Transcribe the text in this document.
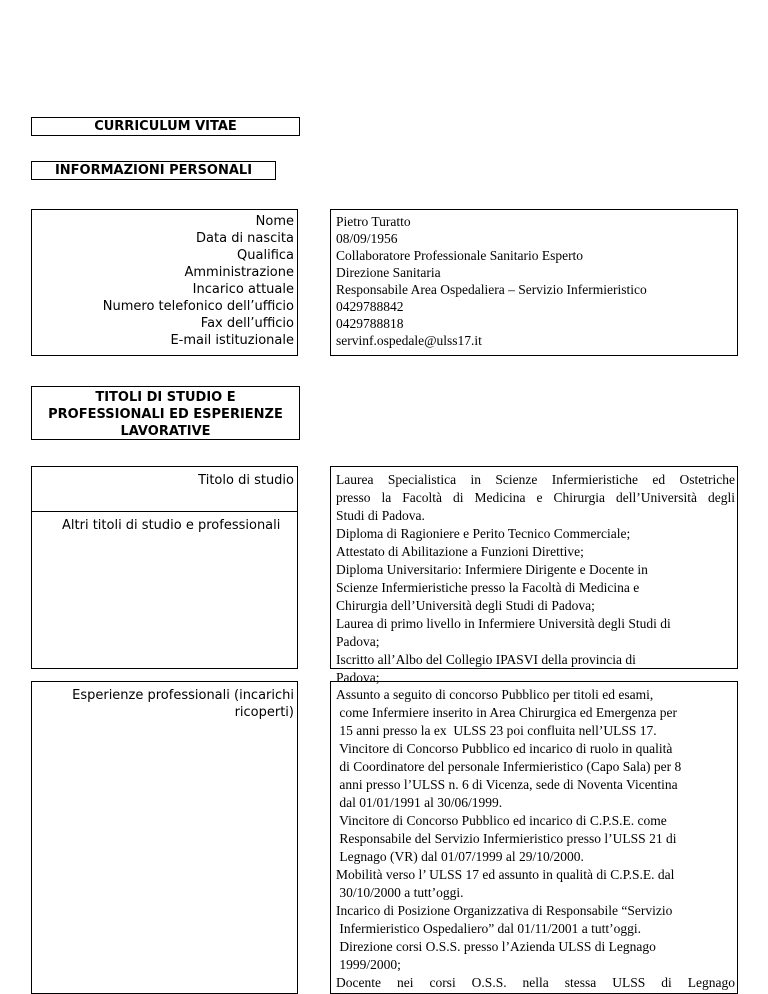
CURRICULUM VITAE
INFORMAZIONI PERSONALI
Nome
Data di nascita
Qualifica
Amministrazione
Incarico attuale
Numero telefonico dell’ufficio
Fax dell’ufficio
E-mail istituzionale
Pietro Turatto
08/09/1956
Collaboratore Professionale Sanitario Esperto
Direzione Sanitaria
Responsabile Area Ospedaliera – Servizio Infermieristico
0429788842
0429788818
servinf.ospedale@ulss17.it
TITOLI DI STUDIO E
PROFESSIONALI ED ESPERIENZE
LAVORATIVE
Titolo di studio
Altri titoli di studio e professionali
Laurea Specialistica in Scienze Infermieristiche ed Ostetriche
presso la Facoltà di Medicina e Chirurgia dell’Università degli
Studi di Padova.
Diploma di Ragioniere e Perito Tecnico Commerciale;
Attestato di Abilitazione a Funzioni Direttive;
Diploma Universitario: Infermiere Dirigente e Docente in
Scienze Infermieristiche presso la Facoltà di Medicina e
Chirurgia dell’Università degli Studi di Padova;
Laurea di primo livello in Infermiere Università degli Studi di
Padova;
Iscritto all’Albo del Collegio IPASVI della provincia di
Padova;
Esperienze professionali (incarichi
ricoperti)
Assunto a seguito di concorso Pubblico per titoli ed esami,
come Infermiere inserito in Area Chirurgica ed Emergenza per
15 anni presso la ex  ULSS 23 poi confluita nell’ULSS 17.
Vincitore di Concorso Pubblico ed incarico di ruolo in qualità
di Coordinatore del personale Infermieristico (Capo Sala) per 8
anni presso l’ULSS n. 6 di Vicenza, sede di Noventa Vicentina
dal 01/01/1991 al 30/06/1999.
Vincitore di Concorso Pubblico ed incarico di C.P.S.E. come
Responsabile del Servizio Infermieristico presso l’ULSS 21 di
Legnago (VR) dal 01/07/1999 al 29/10/2000.
Mobilità verso l’ ULSS 17 ed assunto in qualità di C.P.S.E. dal
30/10/2000 a tutt’oggi.
Incarico di Posizione Organizzativa di Responsabile “Servizio
Infermieristico Ospedaliero” dal 01/11/2001 a tutt’oggi.
Direzione corsi O.S.S. presso l’Azienda ULSS di Legnago
1999/2000;
Docente nei corsi O.S.S. nella stessa ULSS di Legnago
